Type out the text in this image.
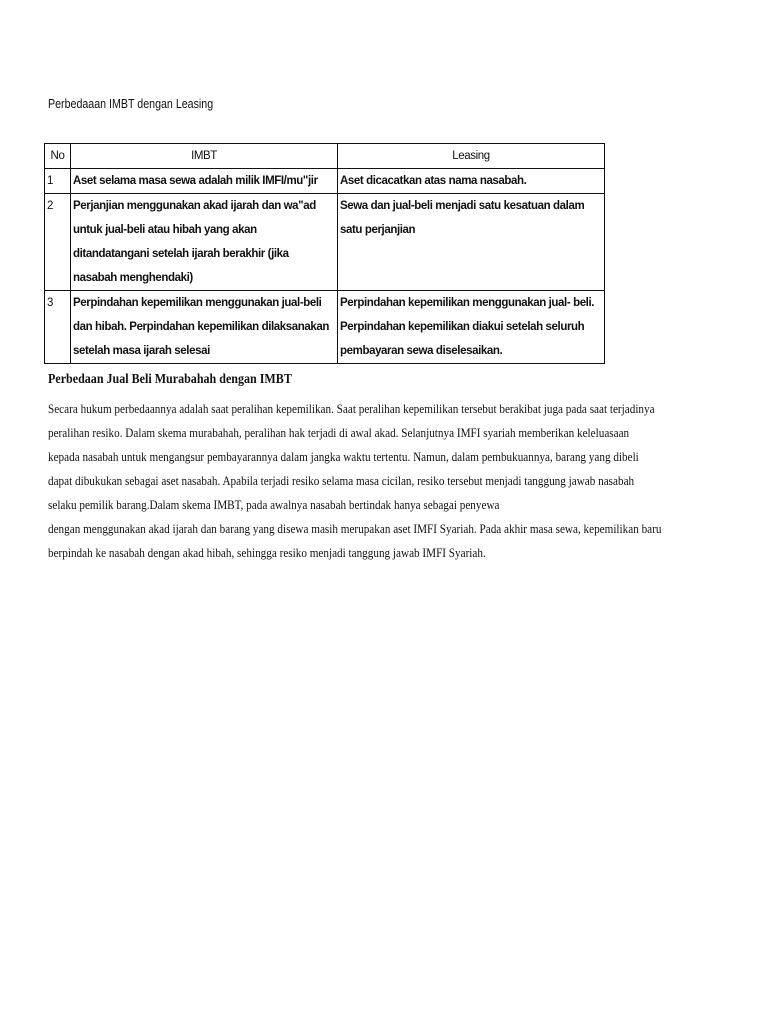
Perbedaaan IMBT dengan Leasing
No	IMBT	Leasing
1	Aset selama masa sewa adalah milik IMFI/mu"jir	Aset dicacatkan atas nama nasabah.
2	Perjanjian menggunakan akad ijarah dan wa"ad untuk jual-beli atau hibah yang akan ditandatangani setelah ijarah berakhir (jika nasabah menghendaki)	Sewa dan jual-beli menjadi satu kesatuan dalam satu perjanjian
3	Perpindahan kepemilikan menggunakan jual-beli dan hibah. Perpindahan kepemilikan dilaksanakan setelah masa ijarah selesai	Perpindahan kepemilikan menggunakan jual- beli. Perpindahan kepemilikan diakui setelah seluruh pembayaran sewa diselesaikan.
Perbedaan Jual Beli Murabahah dengan IMBT
Secara hukum perbedaannya adalah saat peralihan kepemilikan. Saat peralihan kepemilikan tersebut berakibat juga pada saat terjadinya
peralihan resiko. Dalam skema murabahah, peralihan hak terjadi di awal akad. Selanjutnya IMFI syariah memberikan keleluasaan
kepada nasabah untuk mengangsur pembayarannya dalam jangka waktu tertentu. Namun, dalam pembukuannya, barang yang dibeli
dapat dibukukan sebagai aset nasabah. Apabila terjadi resiko selama masa cicilan, resiko tersebut menjadi tanggung jawab nasabah
selaku pemilik barang.Dalam skema IMBT, pada awalnya nasabah bertindak hanya sebagai penyewa
dengan menggunakan akad ijarah dan barang yang disewa masih merupakan aset IMFI Syariah. Pada akhir masa sewa, kepemilikan baru
berpindah ke nasabah dengan akad hibah, sehingga resiko menjadi tanggung jawab IMFI Syariah.
